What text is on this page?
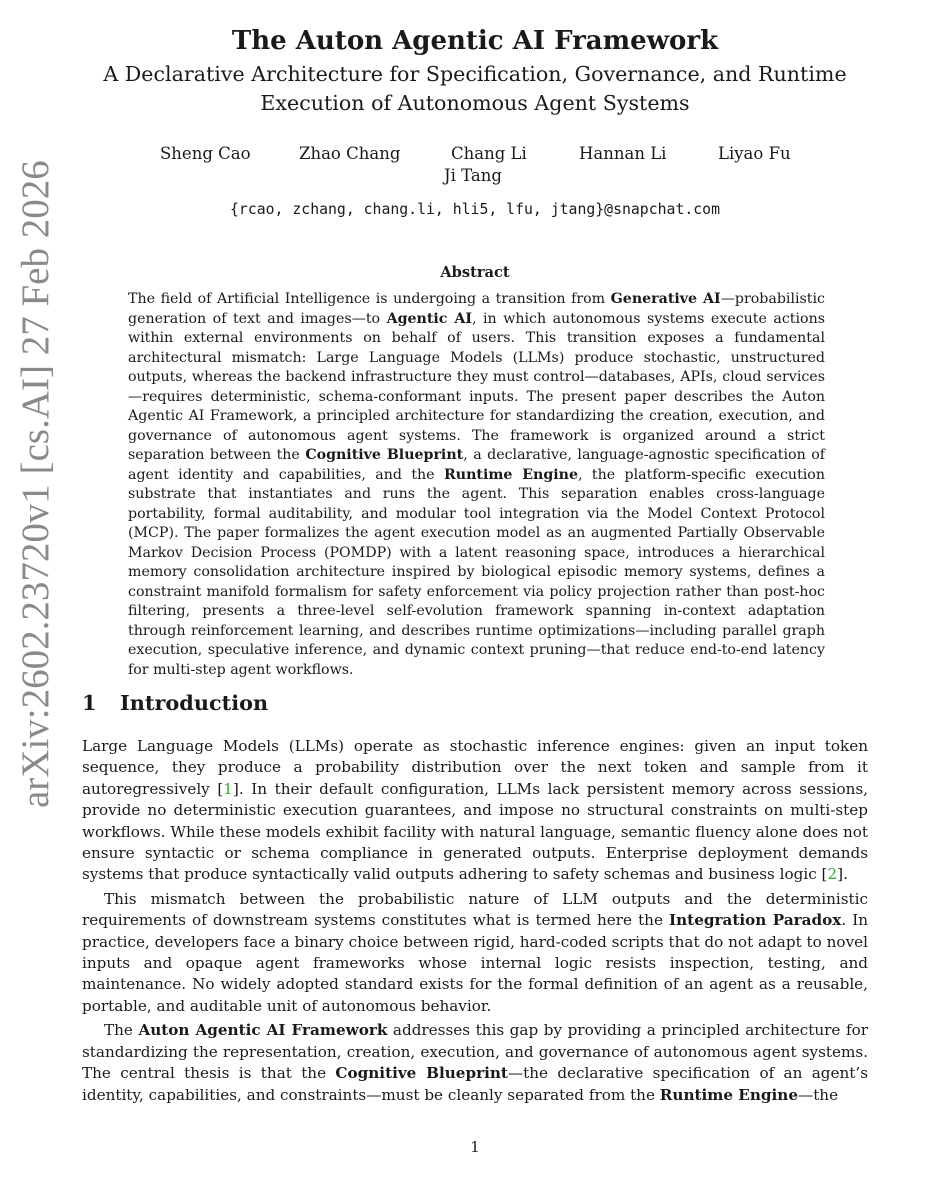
arXiv:2602.23720v1 [cs.AI] 27 Feb 2026
The Auton Agentic AI Framework
A Declarative Architecture for Specification, Governance, and Runtime Execution of Autonomous Agent Systems
Sheng Cao	Zhao Chang	Chang Li	Hannan Li	Liyao Fu
Ji Tang
{rcao, zchang, chang.li, hli5, lfu, jtang}@snapchat.com
Abstract
The field of Artificial Intelligence is undergoing a transition from Generative AI—probabilistic generation of text and images—to Agentic AI, in which autonomous systems execute actions within external environments on behalf of users. This transition exposes a fundamental architectural mismatch: Large Language Models (LLMs) produce stochastic, unstructured outputs, whereas the backend infrastructure they must control—databases, APIs, cloud services—requires deterministic, schema-conformant inputs. The present paper describes the Auton Agentic AI Framework, a principled architecture for standardizing the creation, execution, and governance of autonomous agent systems. The framework is organized around a strict separation between the Cognitive Blueprint, a declarative, language-agnostic specification of agent identity and capabilities, and the Runtime Engine, the platform-specific execution substrate that instantiates and runs the agent. This separation enables cross-language portability, formal auditability, and modular tool integration via the Model Context Protocol (MCP). The paper formalizes the agent execution model as an augmented Partially Observable Markov Decision Process (POMDP) with a latent reasoning space, introduces a hierarchical memory consolidation architecture inspired by biological episodic memory systems, defines a constraint manifold formalism for safety enforcement via policy projection rather than post-hoc filtering, presents a three-level self-evolution framework spanning in-context adaptation through reinforcement learning, and describes runtime optimizations—including parallel graph execution, speculative inference, and dynamic context pruning—that reduce end-to-end latency for multi-step agent workflows.
1 Introduction

Large Language Models (LLMs) operate as stochastic inference engines: given an input token sequence, they produce a probability distribution over the next token and sample from it autoregressively [1]. In their default configuration, LLMs lack persistent memory across sessions, provide no deterministic execution guarantees, and impose no structural constraints on multi-step workflows. While these models exhibit facility with natural language, semantic fluency alone does not ensure syntactic or schema compliance in generated outputs. Enterprise deployment demands systems that produce syntactically valid outputs adhering to safety schemas and business logic [2].

This mismatch between the probabilistic nature of LLM outputs and the deterministic requirements of downstream systems constitutes what is termed here the Integration Paradox. In practice, developers face a binary choice between rigid, hard-coded scripts that do not adapt to novel inputs and opaque agent frameworks whose internal logic resists inspection, testing, and maintenance. No widely adopted standard exists for the formal definition of an agent as a reusable, portable, and auditable unit of autonomous behavior.

The Auton Agentic AI Framework addresses this gap by providing a principled architecture for standardizing the representation, creation, execution, and governance of autonomous agent systems. The central thesis is that the Cognitive Blueprint—the declarative specification of an agent’s identity, capabilities, and constraints—must be cleanly separated from the Runtime Engine—the

1
